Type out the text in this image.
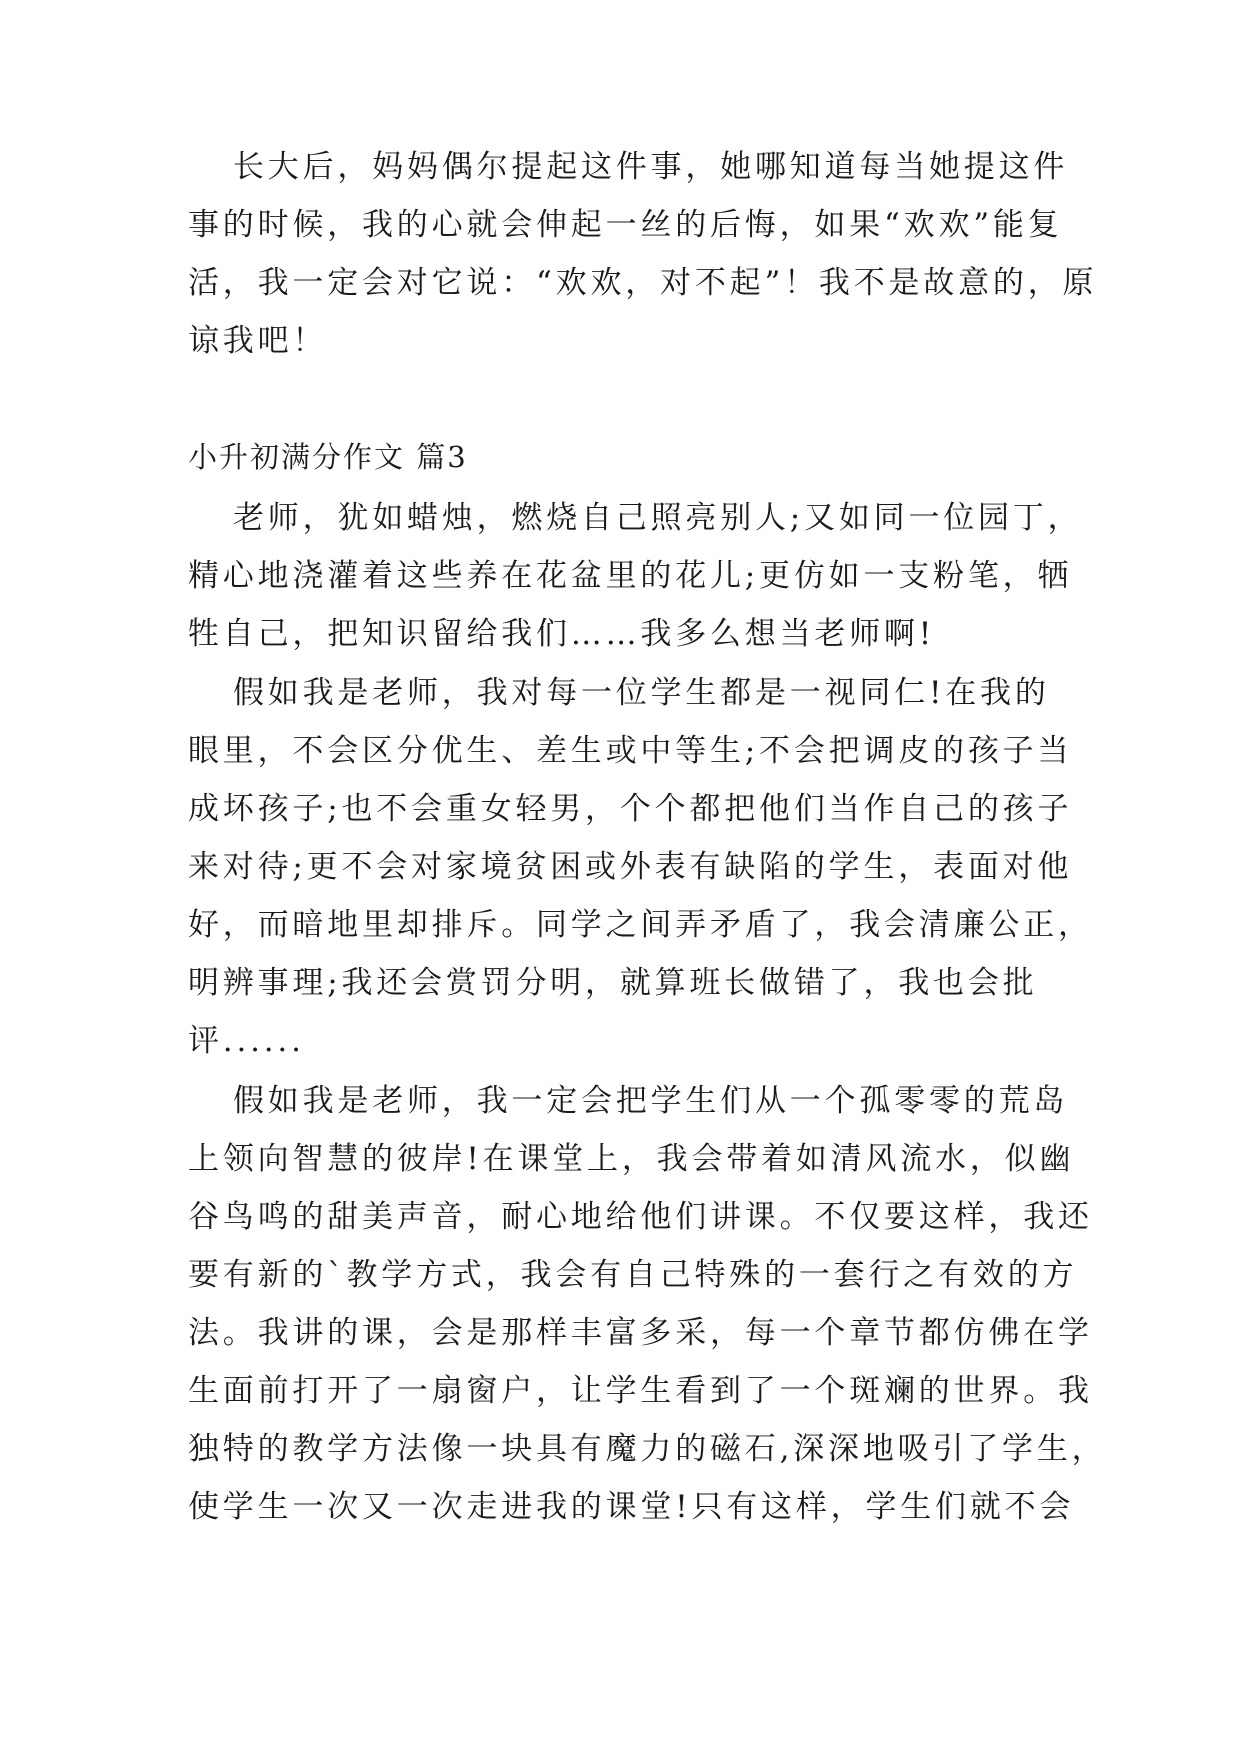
长大后，妈妈偶尔提起这件事，她哪知道每当她提这件
事的时候，我的心就会伸起一丝的后悔，如果“欢欢”能复
活，我一定会对它说：“欢欢，对不起”！我不是故意的，原
谅我吧！
小升初满分作文 篇3
老师，犹如蜡烛，燃烧自己照亮别人;又如同一位园丁，
精心地浇灌着这些养在花盆里的花儿;更仿如一支粉笔，牺
牲自己，把知识留给我们……我多么想当老师啊!
假如我是老师，我对每一位学生都是一视同仁!在我的
眼里，不会区分优生、差生或中等生;不会把调皮的孩子当
成坏孩子;也不会重女轻男，个个都把他们当作自己的孩子
来对待;更不会对家境贫困或外表有缺陷的学生，表面对他
好，而暗地里却排斥。同学之间弄矛盾了，我会清廉公正，
明辨事理;我还会赏罚分明，就算班长做错了，我也会批
评......
假如我是老师，我一定会把学生们从一个孤零零的荒岛
上领向智慧的彼岸!在课堂上，我会带着如清风流水，似幽
谷鸟鸣的甜美声音，耐心地给他们讲课。不仅要这样，我还
要有新的`教学方式，我会有自己特殊的一套行之有效的方
法。我讲的课，会是那样丰富多采，每一个章节都仿佛在学
生面前打开了一扇窗户，让学生看到了一个斑斓的世界。我
独特的教学方法像一块具有魔力的磁石,深深地吸引了学生，
使学生一次又一次走进我的课堂!只有这样，学生们就不会
